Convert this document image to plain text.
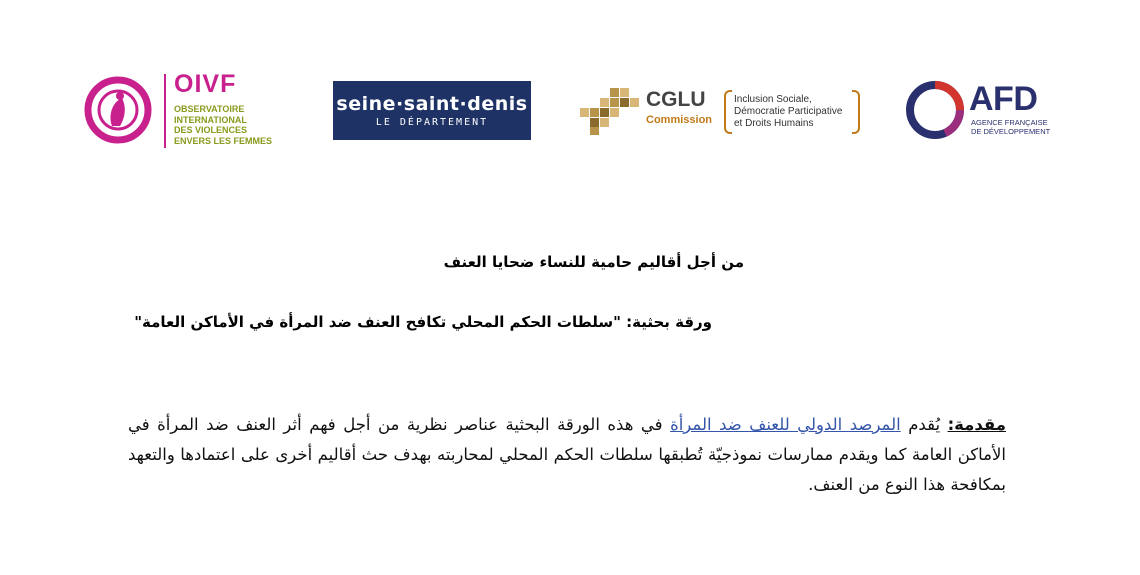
OIVF
OBSERVATOIRE
INTERNATIONAL
DES VIOLENCES
ENVERS LES FEMMES
seine·saint·denis
LE DÉPARTEMENT
CGLU
Commission
Inclusion Sociale,
Démocratie Participative
et Droits Humains
AFD
AGENCE FRANÇAISE
DE DÉVELOPPEMENT
من أجل أقاليم حامية للنساء ضحايا العنف
ورقة بحثية: "سلطات الحكم المحلي تكافح العنف ضد المرأة في الأماكن العامة"
مقدمة: يُقدم المرصد الدولي للعنف ضد المرأة في هذه الورقة البحثية عناصر نظرية من أجل فهم أثر العنف ضد المرأة في الأماكن العامة كما ويقدم ممارسات نموذجيّة تُطبقها سلطات الحكم المحلي لمحاربته بهدف حث أقاليم أخرى على اعتمادها والتعهد بمكافحة هذا النوع من العنف.
